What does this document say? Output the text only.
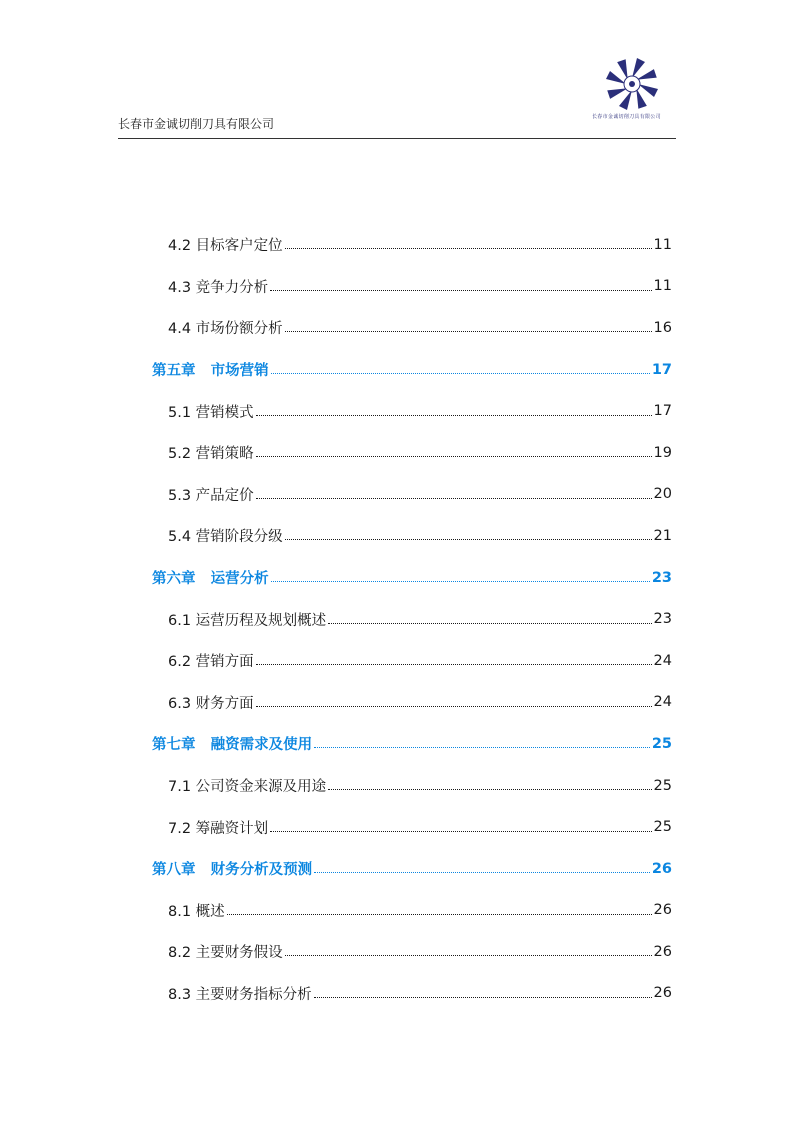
长春市金诚切削刀具有限公司	长春市金诚切削刀具有限公司
4.2 目标客户定位	11
4.3 竞争力分析	11
4.4 市场份额分析	16
第五章   市场营销	17
5.1 营销模式	17
5.2 营销策略	19
5.3 产品定价	20
5.4 营销阶段分级	21
第六章   运营分析	23
6.1 运营历程及规划概述	23
6.2 营销方面	24
6.3 财务方面	24
第七章   融资需求及使用	25
7.1 公司资金来源及用途	25
7.2 筹融资计划	25
第八章   财务分析及预测	26
8.1 概述	26
8.2 主要财务假设	26
8.3 主要财务指标分析	26
